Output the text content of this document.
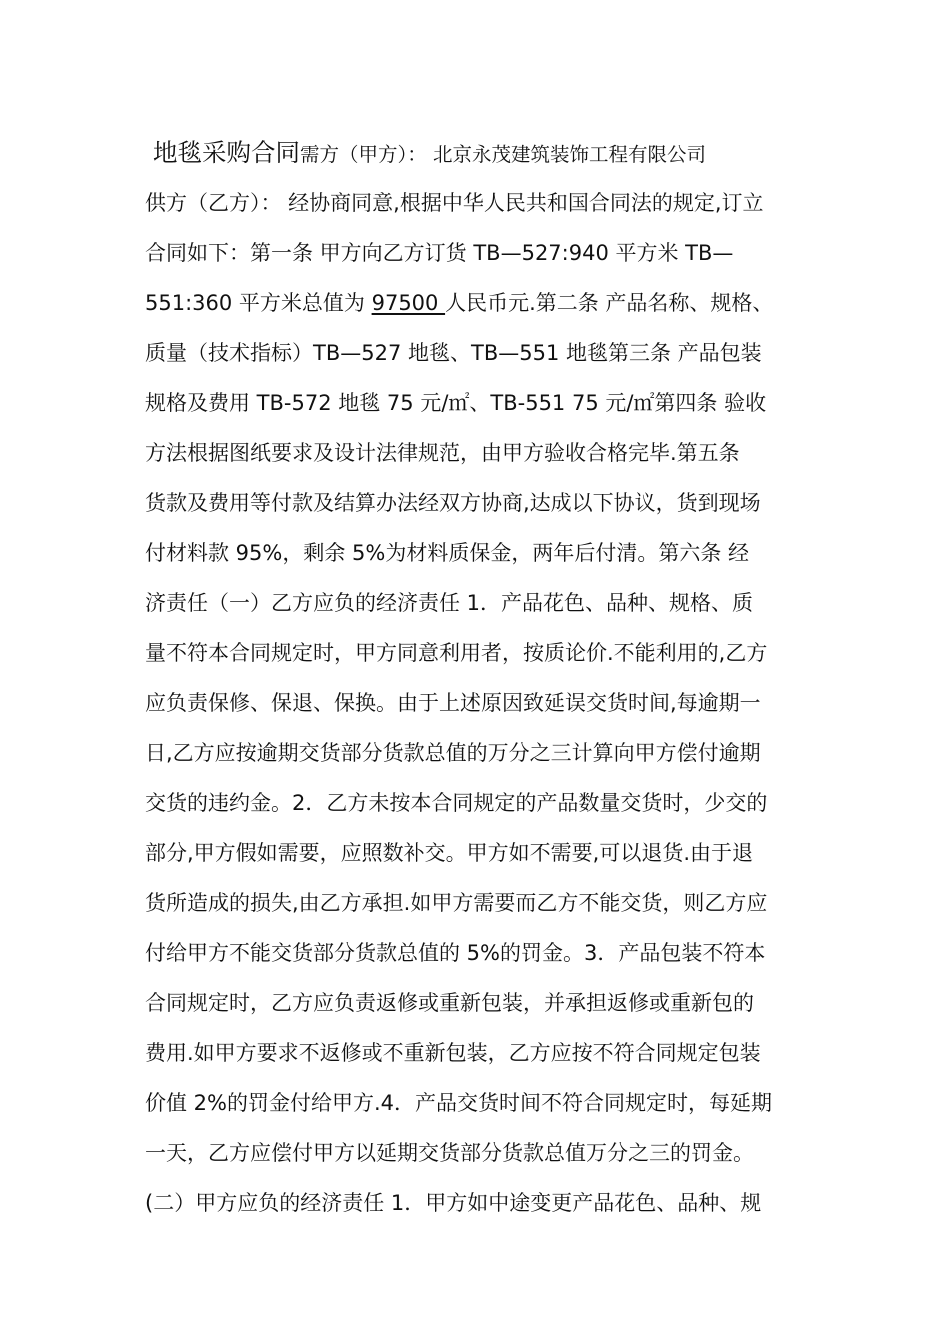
地毯采购合同需方（甲方）： 北京永茂建筑装饰工程有限公司
供方（乙方）： 经协商同意,根据中华人民共和国合同法的规定,订立
合同如下：第一条 甲方向乙方订货 TB—527:940 平方米 TB—
551:360 平方米总值为 97500 人民币元.第二条 产品名称、规格、
质量（技术指标）TB—527 地毯、TB—551 地毯第三条 产品包装
规格及费用 TB-572 地毯 75 元/㎡、TB-551 75 元/㎡第四条 验收
方法根据图纸要求及设计法律规范，由甲方验收合格完毕.第五条
货款及费用等付款及结算办法经双方协商,达成以下协议，货到现场
付材料款 95%，剩余 5%为材料质保金，两年后付清。第六条 经
济责任（一）乙方应负的经济责任 1．产品花色、品种、规格、质
量不符本合同规定时，甲方同意利用者，按质论价.不能利用的,乙方
应负责保修、保退、保换。由于上述原因致延误交货时间,每逾期一
日,乙方应按逾期交货部分货款总值的万分之三计算向甲方偿付逾期
交货的违约金。2．乙方未按本合同规定的产品数量交货时，少交的
部分,甲方假如需要，应照数补交。甲方如不需要,可以退货.由于退
货所造成的损失,由乙方承担.如甲方需要而乙方不能交货，则乙方应
付给甲方不能交货部分货款总值的 5%的罚金。3．产品包装不符本
合同规定时，乙方应负责返修或重新包装，并承担返修或重新包的
费用.如甲方要求不返修或不重新包装，乙方应按不符合同规定包装
价值 2%的罚金付给甲方.4．产品交货时间不符合同规定时，每延期
一天，乙方应偿付甲方以延期交货部分货款总值万分之三的罚金。
(二）甲方应负的经济责任 1．甲方如中途变更产品花色、品种、规
